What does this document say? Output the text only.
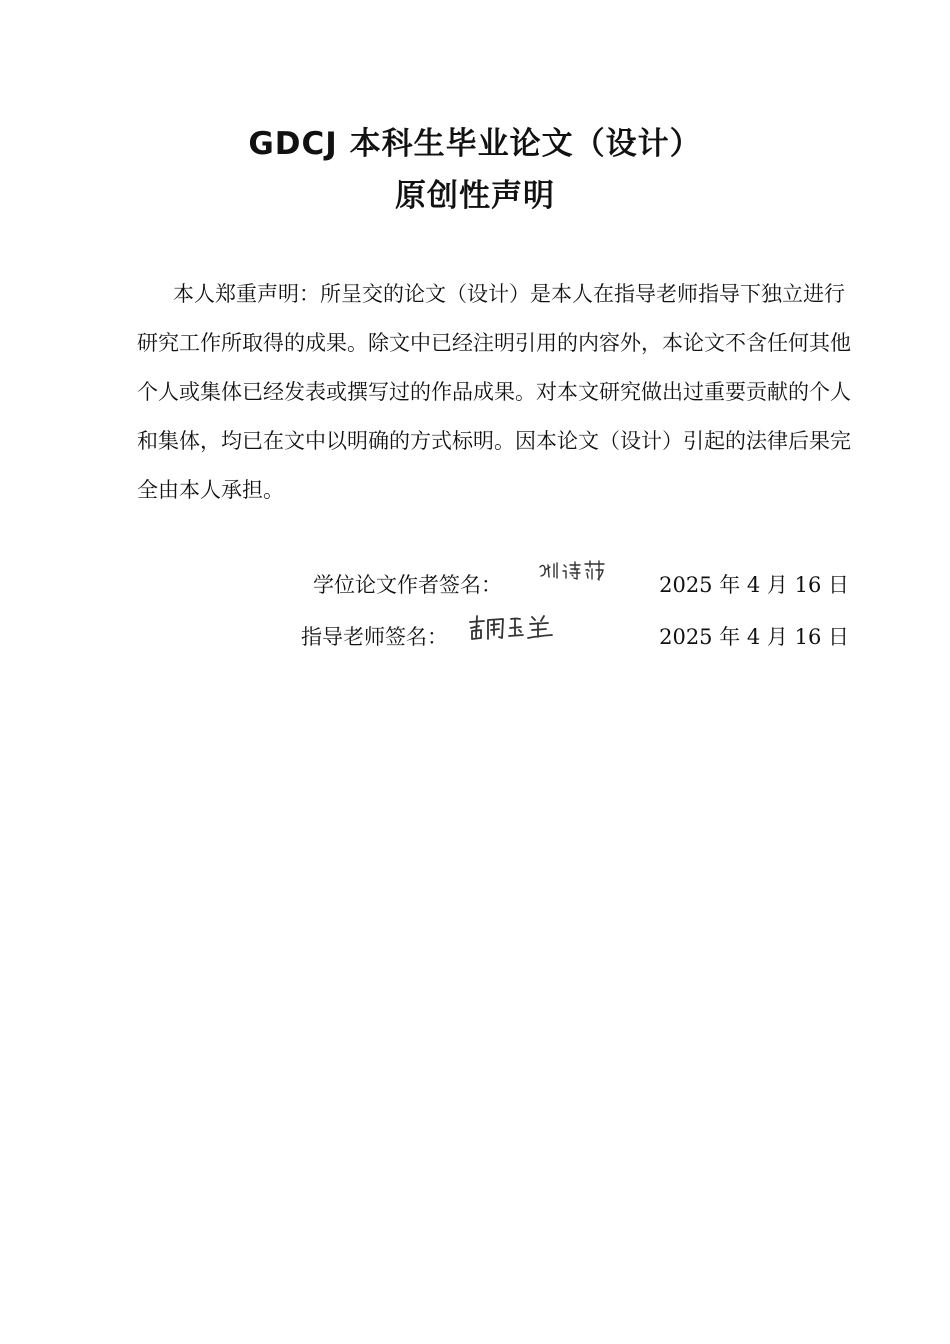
GDCJ 本科生毕业论文（设计）
原创性声明

本人郑重声明：所呈交的论文（设计）是本人在指导老师指导下独立进行研究工作所取得的成果。除文中已经注明引用的内容外，本论文不含任何其他个人或集体已经发表或撰写过的作品成果。对本文研究做出过重要贡献的个人和集体，均已在文中以明确的方式标明。因本论文（设计）引起的法律后果完全由本人承担。

学位论文作者签名：	2025 年 4 月 16 日
指导老师签名：	2025 年 4 月 16 日
